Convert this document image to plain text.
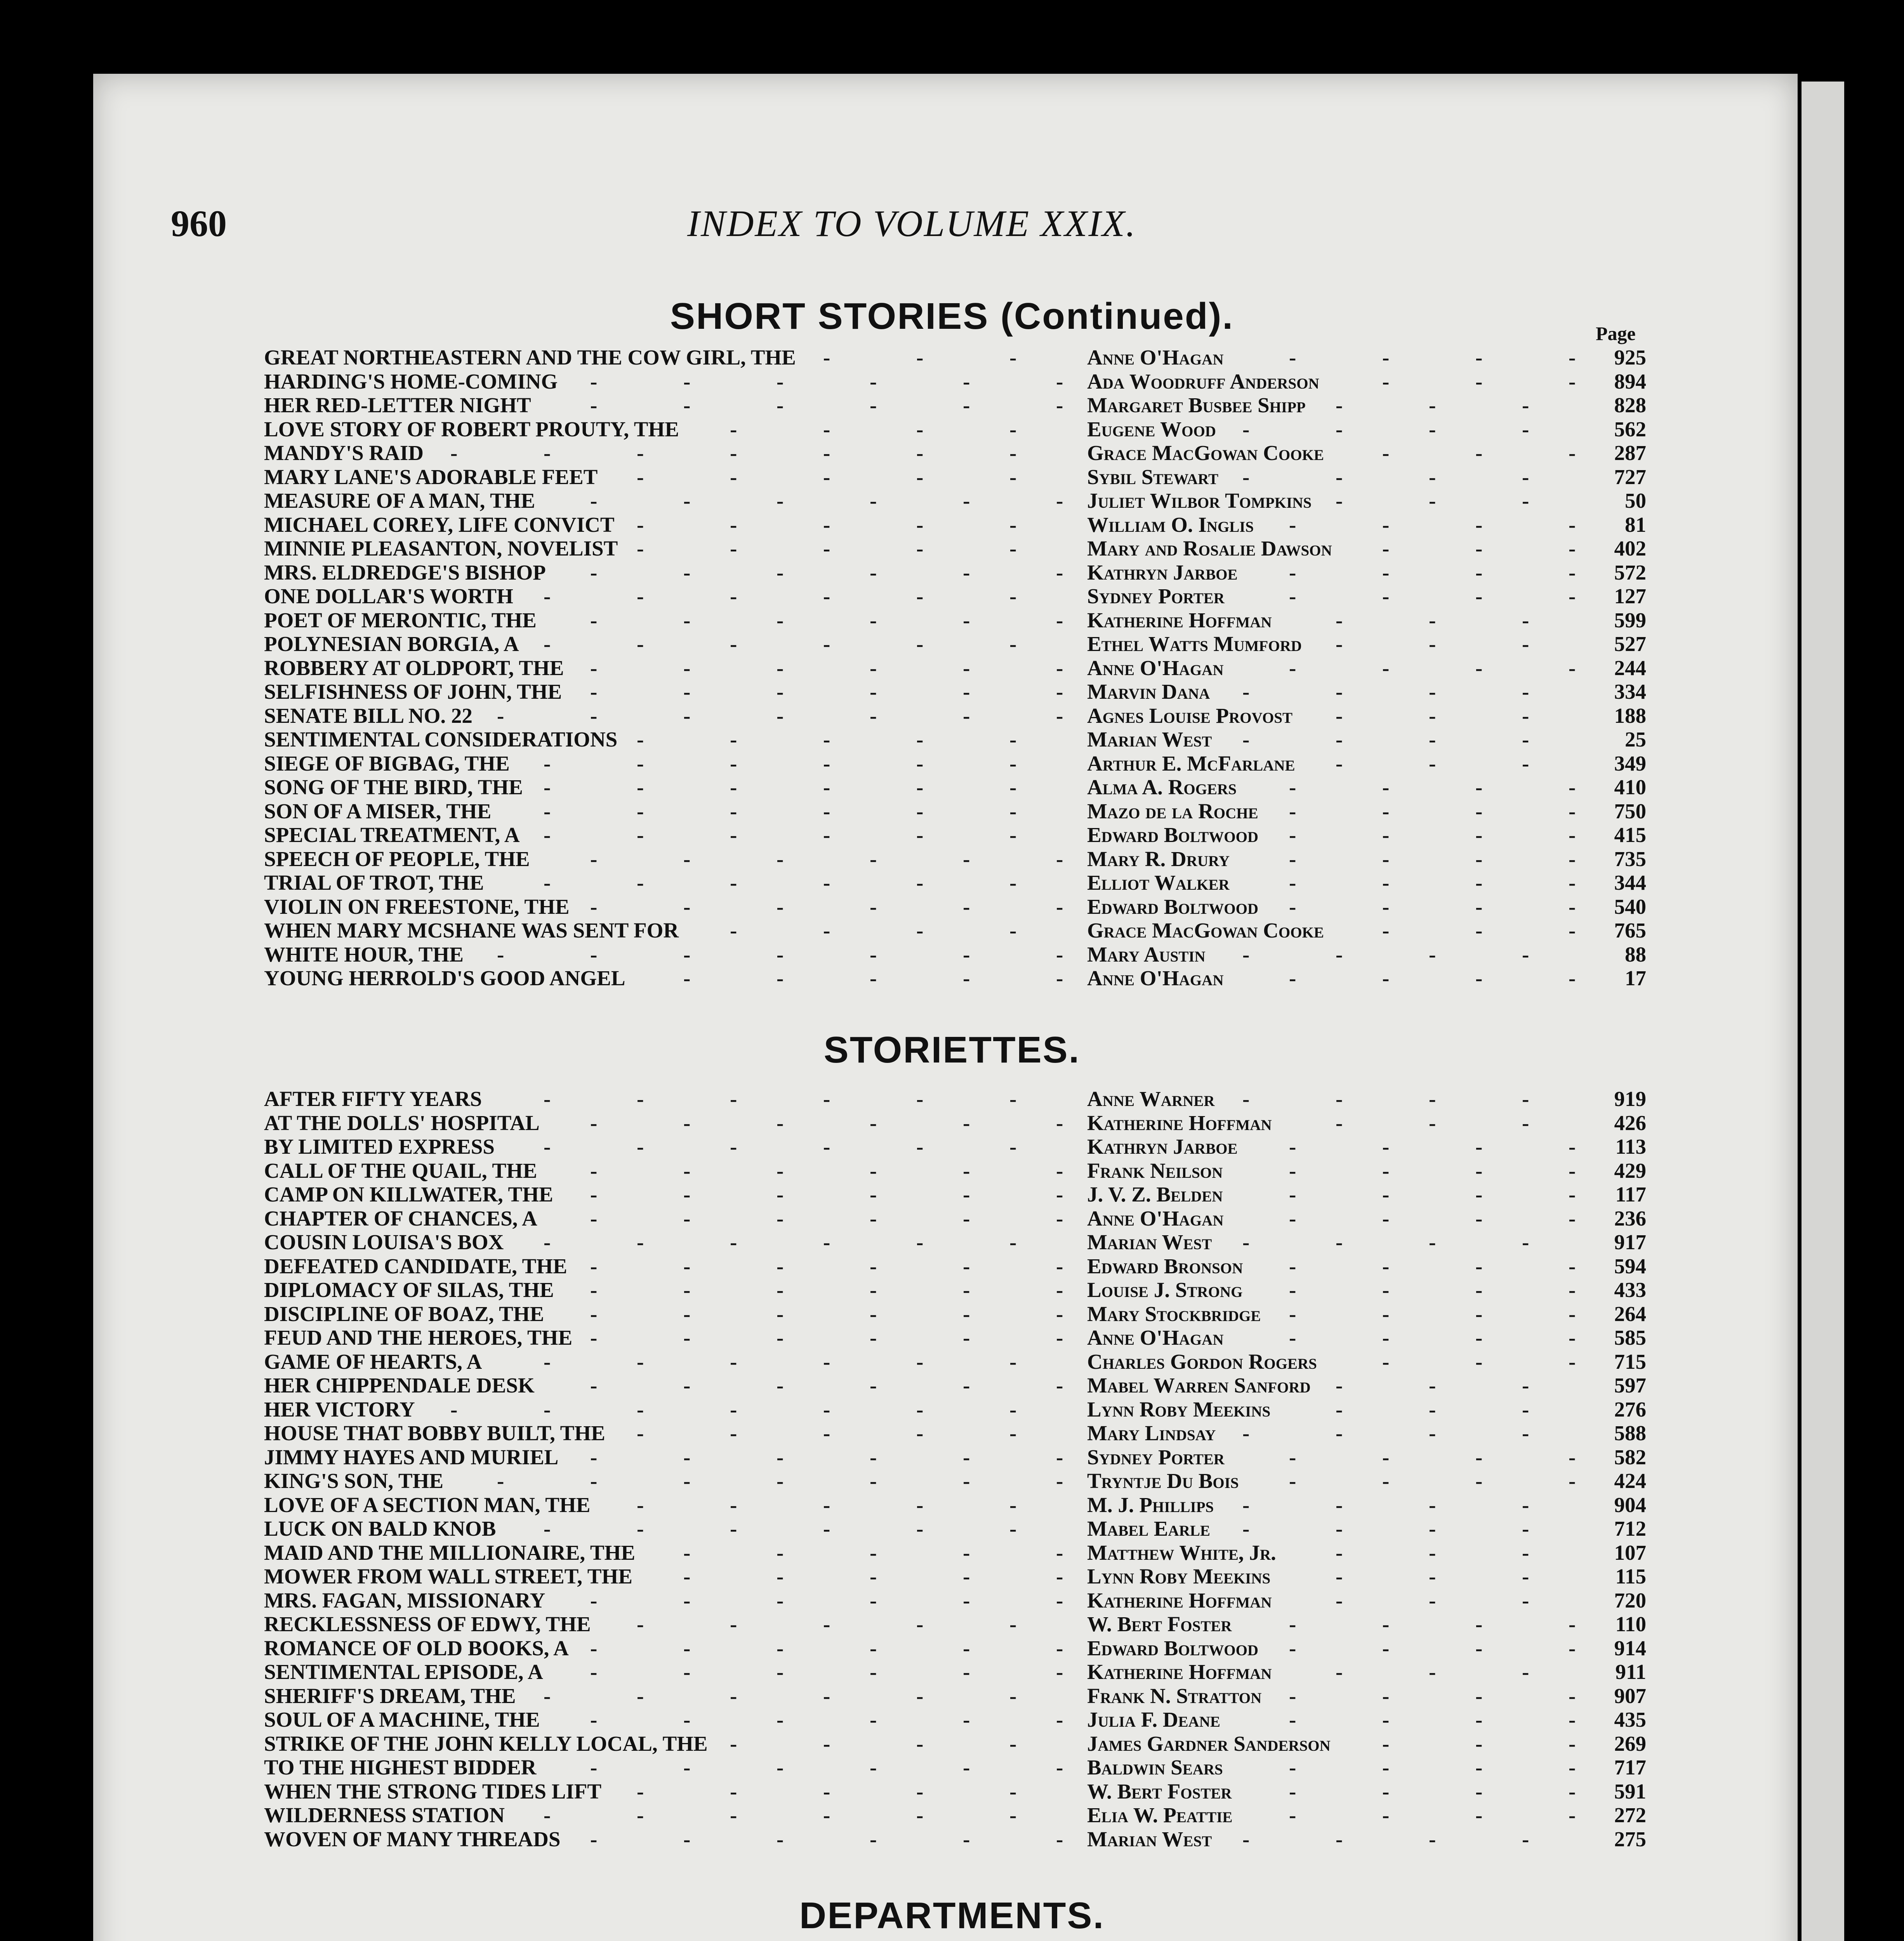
960	INDEX TO VOLUME XXIX.
Page
SHORT STORIES (Continued).
GREAT NORTHEASTERN AND THE COW GIRL, THE	Anne O'Hagan	925
-	-	-	-	-	-	-
HARDING'S HOME-COMING	Ada Woodruff Anderson	894
-	-	-	-	-	-	-	-	-
HER RED-LETTER NIGHT	Margaret Busbee Shipp	828
-	-	-	-	-	-	-	-	-
LOVE STORY OF ROBERT PROUTY, THE	Eugene Wood	562
-	-	-	-	-	-	-	-
MANDY'S RAID	Grace MacGowan Cooke	287
-	-	-	-	-	-	-	-	-	-
MARY LANE'S ADORABLE FEET	Sybil Stewart	727
-	-	-	-	-	-	-	-	-
MEASURE OF A MAN, THE	Juliet Wilbor Tompkins	50
-	-	-	-	-	-	-	-	-
MICHAEL COREY, LIFE CONVICT	William O. Inglis	81
-	-	-	-	-	-	-	-	-
MINNIE PLEASANTON, NOVELIST	Mary and Rosalie Dawson	402
-	-	-	-	-	-	-	-
MRS. ELDREDGE'S BISHOP	Kathryn Jarboe	572
-	-	-	-	-	-	-	-	-	-
ONE DOLLAR'S WORTH	Sydney Porter	127
-	-	-	-	-	-	-	-	-	-
POET OF MERONTIC, THE	Katherine Hoffman	599
-	-	-	-	-	-	-	-	-
POLYNESIAN BORGIA, A	Ethel Watts Mumford	527
-	-	-	-	-	-	-	-	-
ROBBERY AT OLDPORT, THE	Anne O'Hagan	244
-	-	-	-	-	-	-	-	-	-
SELFISHNESS OF JOHN, THE	Marvin Dana	334
-	-	-	-	-	-	-	-	-	-
SENATE BILL NO. 22	Agnes Louise Provost	188
-	-	-	-	-	-	-	-	-	-
SENTIMENTAL CONSIDERATIONS	Marian West	25
-	-	-	-	-	-	-	-	-
SIEGE OF BIGBAG, THE	Arthur E. McFarlane	349
-	-	-	-	-	-	-	-	-
SONG OF THE BIRD, THE	Alma A. Rogers	410
-	-	-	-	-	-	-	-	-	-
SON OF A MISER, THE	Mazo de la Roche	750
-	-	-	-	-	-	-	-	-	-
SPECIAL TREATMENT, A	Edward Boltwood	415
-	-	-	-	-	-	-	-	-	-
SPEECH OF PEOPLE, THE	Mary R. Drury	735
-	-	-	-	-	-	-	-	-	-
TRIAL OF TROT, THE	Elliot Walker	344
-	-	-	-	-	-	-	-	-	-
VIOLIN ON FREESTONE, THE	Edward Boltwood	540
-	-	-	-	-	-	-	-	-	-
WHEN MARY MCSHANE WAS SENT FOR	Grace MacGowan Cooke	765
-	-	-	-	-	-	-
WHITE HOUR, THE	Mary Austin	88
-	-	-	-	-	-	-	-	-	-	-
YOUNG HERROLD'S GOOD ANGEL	Anne O'Hagan	17
-	-	-	-	-	-	-	-	-
STORIETTES.
AFTER FIFTY YEARS	Anne Warner	919
-	-	-	-	-	-	-	-	-	-
AT THE DOLLS' HOSPITAL	Katherine Hoffman	426
-	-	-	-	-	-	-	-	-
BY LIMITED EXPRESS	Kathryn Jarboe	113
-	-	-	-	-	-	-	-	-	-
CALL OF THE QUAIL, THE	Frank Neilson	429
-	-	-	-	-	-	-	-	-	-
CAMP ON KILLWATER, THE	J. V. Z. Belden	117
-	-	-	-	-	-	-	-	-	-
CHAPTER OF CHANCES, A	Anne O'Hagan	236
-	-	-	-	-	-	-	-	-	-
COUSIN LOUISA'S BOX	Marian West	917
-	-	-	-	-	-	-	-	-	-
DEFEATED CANDIDATE, THE	Edward Bronson	594
-	-	-	-	-	-	-	-	-	-
DIPLOMACY OF SILAS, THE	Louise J. Strong	433
-	-	-	-	-	-	-	-	-	-
DISCIPLINE OF BOAZ, THE	Mary Stockbridge	264
-	-	-	-	-	-	-	-	-	-
FEUD AND THE HEROES, THE	Anne O'Hagan	585
-	-	-	-	-	-	-	-	-	-
GAME OF HEARTS, A	Charles Gordon Rogers	715
-	-	-	-	-	-	-	-	-
HER CHIPPENDALE DESK	Mabel Warren Sanford	597
-	-	-	-	-	-	-	-	-
HER VICTORY	Lynn Roby Meekins	276
-	-	-	-	-	-	-	-	-	-
HOUSE THAT BOBBY BUILT, THE	Mary Lindsay	588
-	-	-	-	-	-	-	-	-
JIMMY HAYES AND MURIEL	Sydney Porter	582
-	-	-	-	-	-	-	-	-	-
KING'S SON, THE	Tryntje Du Bois	424
-	-	-	-	-	-	-	-	-	-	-
LOVE OF A SECTION MAN, THE	M. J. Phillips	904
-	-	-	-	-	-	-	-	-
LUCK ON BALD KNOB	Mabel Earle	712
-	-	-	-	-	-	-	-	-	-
MAID AND THE MILLIONAIRE, THE	Matthew White, Jr.	107
-	-	-	-	-	-	-	-
MOWER FROM WALL STREET, THE	Lynn Roby Meekins	115
-	-	-	-	-	-	-	-
MRS. FAGAN, MISSIONARY	Katherine Hoffman	720
-	-	-	-	-	-	-	-	-
RECKLESSNESS OF EDWY, THE	W. Bert Foster	110
-	-	-	-	-	-	-	-	-
ROMANCE OF OLD BOOKS, A	Edward Boltwood	914
-	-	-	-	-	-	-	-	-	-
SENTIMENTAL EPISODE, A	Katherine Hoffman	911
-	-	-	-	-	-	-	-	-
SHERIFF'S DREAM, THE	Frank N. Stratton	907
-	-	-	-	-	-	-	-	-	-
SOUL OF A MACHINE, THE	Julia F. Deane	435
-	-	-	-	-	-	-	-	-	-
STRIKE OF THE JOHN KELLY LOCAL, THE	James Gardner Sanderson	269
-	-	-	-	-	-	-
TO THE HIGHEST BIDDER	Baldwin Sears	717
-	-	-	-	-	-	-	-	-	-
WHEN THE STRONG TIDES LIFT	W. Bert Foster	591
-	-	-	-	-	-	-	-	-
WILDERNESS STATION	Elia W. Peattie	272
-	-	-	-	-	-	-	-	-	-
WOVEN OF MANY THREADS	Marian West	275
-	-	-	-	-	-	-	-	-	-
DEPARTMENTS.
